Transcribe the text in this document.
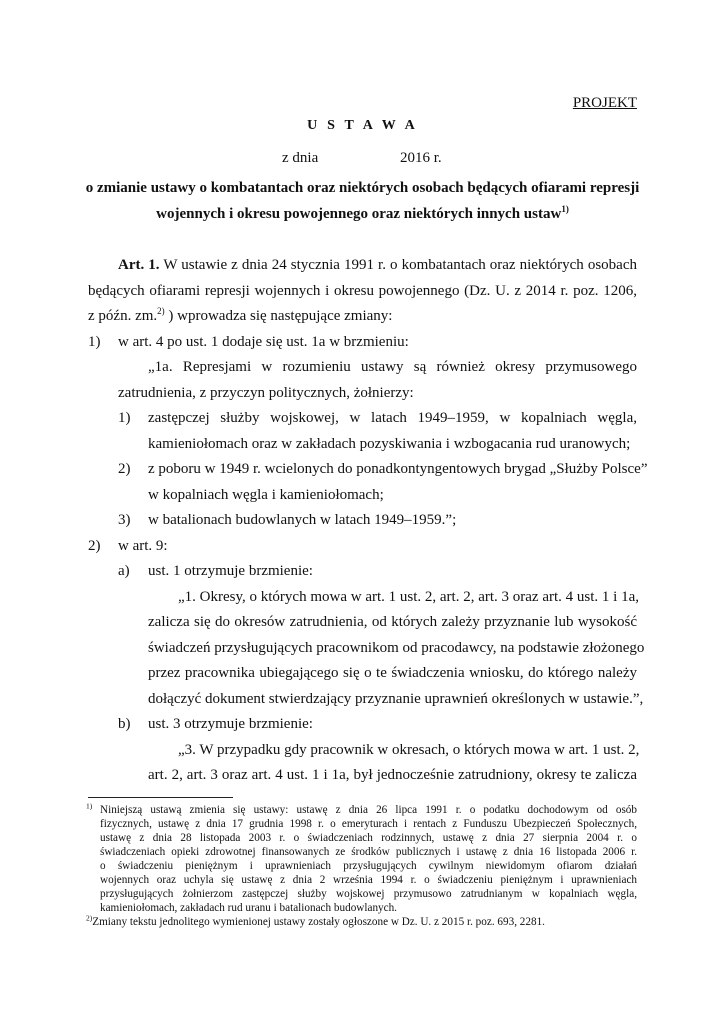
PROJEKT
U S T A W A
z dnia	2016 r.
o zmianie ustawy o kombatantach oraz niektórych osobach będących ofiarami represji
wojennych i okresu powojennego oraz niektórych innych ustaw$^{1)}$
Art. 1. W ustawie z dnia 24 stycznia 1991 r. o kombatantach oraz niektórych osobach
będących ofiarami represji wojennych i okresu powojennego (Dz. U. z 2014 r. poz. 1206,
z późn. zm.$^{2)}$ ) wprowadza się następujące zmiany:
1) w art. 4 po ust. 1 dodaje się ust. 1a w brzmieniu:
„1a. Represjami w rozumieniu ustawy są również okresy przymusowego
zatrudnienia, z przyczyn politycznych, żołnierzy:
1) zastępczej służby wojskowej, w latach 1949–1959, w kopalniach węgla,
kamieniołomach oraz w zakładach pozyskiwania i wzbogacania rud uranowych;
2) z poboru w 1949 r. wcielonych do ponadkontyngentowych brygad „Służby Polsce”
w kopalniach węgla i kamieniołomach;
3) w batalionach budowlanych w latach 1949–1959.”;
2) w art. 9:
a) ust. 1 otrzymuje brzmienie:
„1. Okresy, o których mowa w art. 1 ust. 2, art. 2, art. 3 oraz art. 4 ust. 1 i 1a,
zalicza się do okresów zatrudnienia, od których zależy przyznanie lub wysokość
świadczeń przysługujących pracownikom od pracodawcy, na podstawie złożonego
przez pracownika ubiegającego się o te świadczenia wniosku, do którego należy
dołączyć dokument stwierdzający przyznanie uprawnień określonych w ustawie.”,
b) ust. 3 otrzymuje brzmienie:
„3. W przypadku gdy pracownik w okresach, o których mowa w art. 1 ust. 2,
art. 2, art. 3 oraz art. 4 ust. 1 i 1a, był jednocześnie zatrudniony, okresy te zalicza
$^{1)}$ Niniejszą ustawą zmienia się ustawy: ustawę z dnia 26 lipca 1991 r. o podatku dochodowym od osób
fizycznych, ustawę z dnia 17 grudnia 1998 r. o emeryturach i rentach z Funduszu Ubezpieczeń Społecznych,
ustawę z dnia 28 listopada 2003 r. o świadczeniach rodzinnych, ustawę z dnia 27 sierpnia 2004 r. o
świadczeniach opieki zdrowotnej finansowanych ze środków publicznych i ustawę z dnia 16 listopada 2006 r.
o świadczeniu pieniężnym i uprawnieniach przysługujących cywilnym niewidomym ofiarom działań
wojennych oraz uchyla się ustawę z dnia 2 września 1994 r. o świadczeniu pieniężnym i uprawnieniach
przysługujących żołnierzom zastępczej służby wojskowej przymusowo zatrudnianym w kopalniach węgla,
kamieniołomach, zakładach rud uranu i batalionach budowlanych.
$^{2)}$Zmiany tekstu jednolitego wymienionej ustawy zostały ogłoszone w Dz. U. z 2015 r. poz. 693, 2281.
